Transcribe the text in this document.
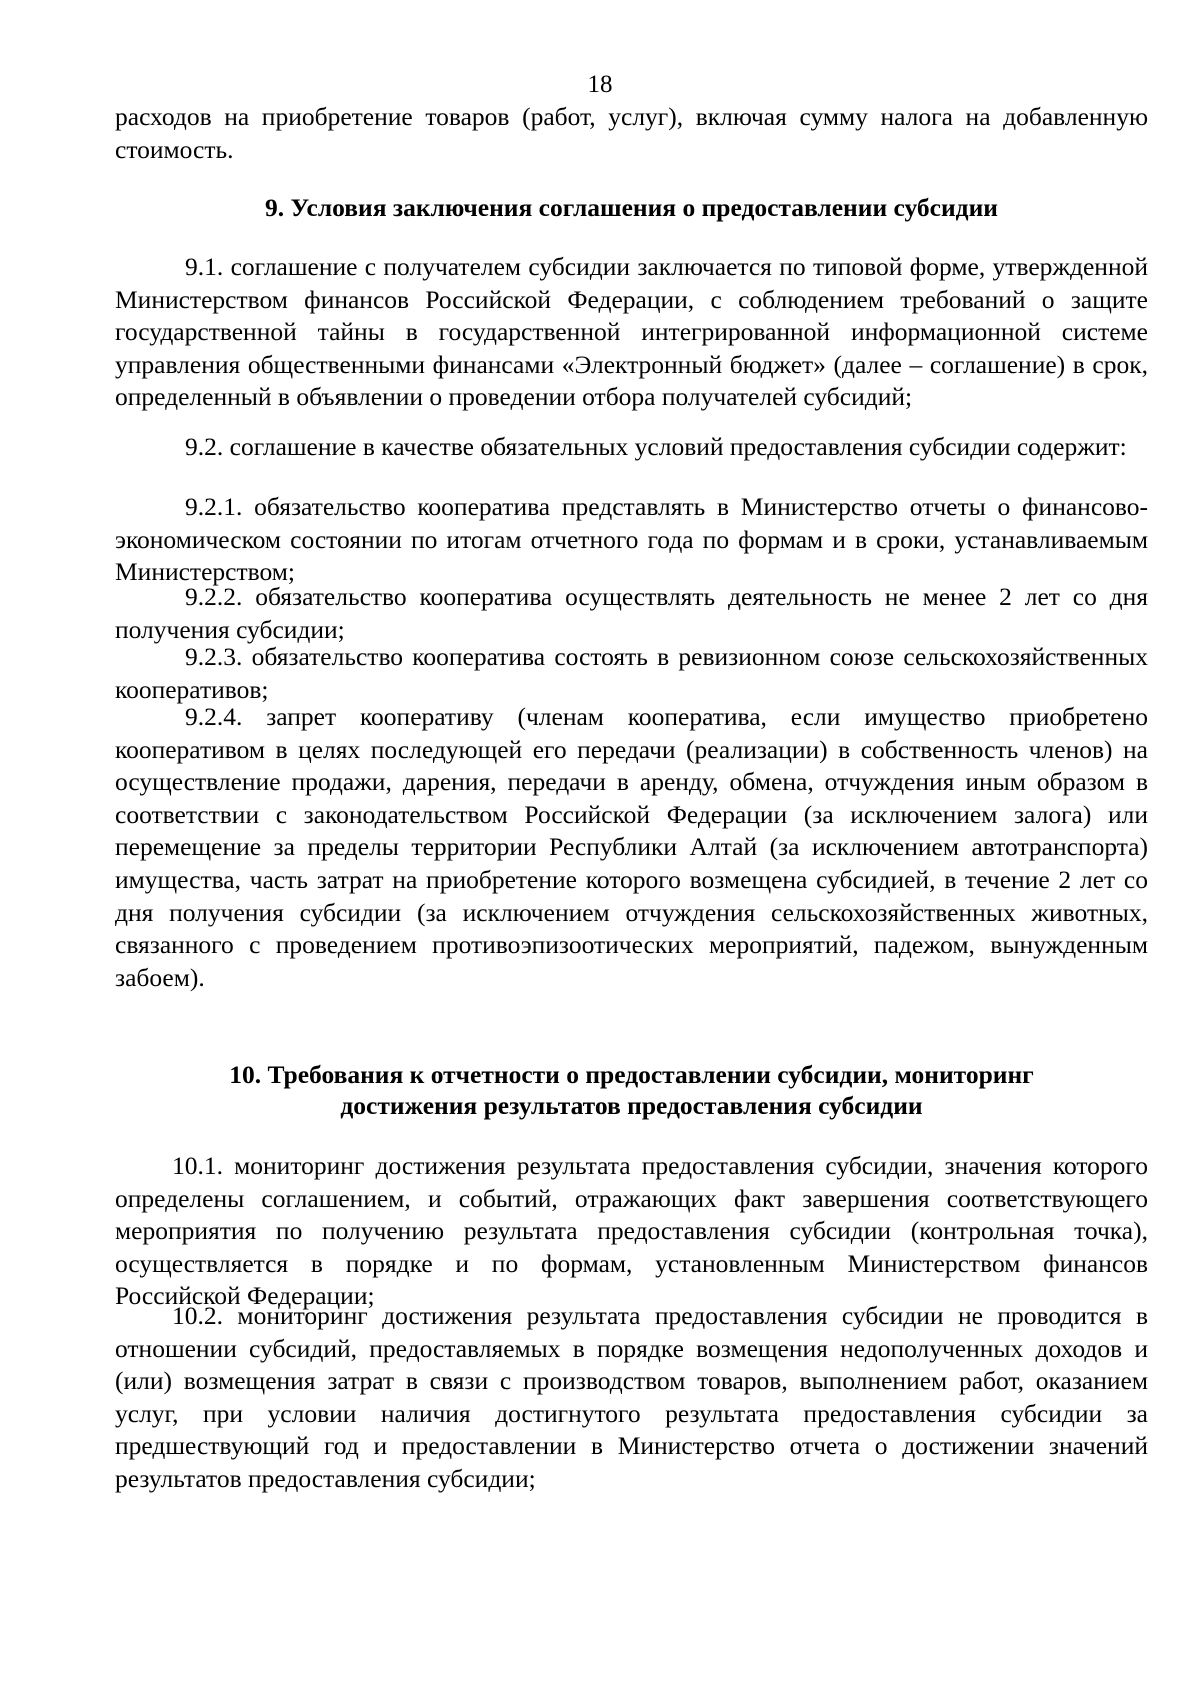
18

расходов на приобретение товаров (работ, услуг), включая сумму налога на добавленную стоимость.

9. Условия заключения соглашения о предоставлении субсидии

9.1. соглашение с получателем субсидии заключается по типовой форме, утвержденной Министерством финансов Российской Федерации, с соблюдением требований о защите государственной тайны в государственной интегрированной информационной системе управления общественными финансами «Электронный бюджет» (далее – соглашение) в срок, определенный в объявлении о проведении отбора получателей субсидий;

9.2. соглашение в качестве обязательных условий предоставления субсидии содержит:

9.2.1. обязательство кооператива представлять в Министерство отчеты о финансово-экономическом состоянии по итогам отчетного года по формам и в сроки, устанавливаемым Министерством;

9.2.2. обязательство кооператива осуществлять деятельность не менее 2 лет со дня получения субсидии;

9.2.3. обязательство кооператива состоять в ревизионном союзе сельскохозяйственных кооперативов;

9.2.4. запрет кооперативу (членам кооператива, если имущество приобретено кооперативом в целях последующей его передачи (реализации) в собственность членов) на осуществление продажи, дарения, передачи в аренду, обмена, отчуждения иным образом в соответствии с законодательством Российской Федерации (за исключением залога) или перемещение за пределы территории Республики Алтай (за исключением автотранспорта) имущества, часть затрат на приобретение которого возмещена субсидией, в течение 2 лет со дня получения субсидии (за исключением отчуждения сельскохозяйственных животных, связанного с проведением противоэпизоотических мероприятий, падежом, вынужденным забоем).

10. Требования к отчетности о предоставлении субсидии, мониторинг

достижения результатов предоставления субсидии

10.1. мониторинг достижения результата предоставления субсидии, значения которого определены соглашением, и событий, отражающих факт завершения соответствующего мероприятия по получению результата предоставления субсидии (контрольная точка), осуществляется в порядке и по формам, установленным Министерством финансов Российской Федерации;

10.2. мониторинг достижения результата предоставления субсидии не проводится в отношении субсидий, предоставляемых в порядке возмещения недополученных доходов и (или) возмещения затрат в связи с производством товаров, выполнением работ, оказанием услуг, при условии наличия достигнутого результата предоставления субсидии за предшествующий год и предоставлении в Министерство отчета о достижении значений результатов предоставления субсидии;
